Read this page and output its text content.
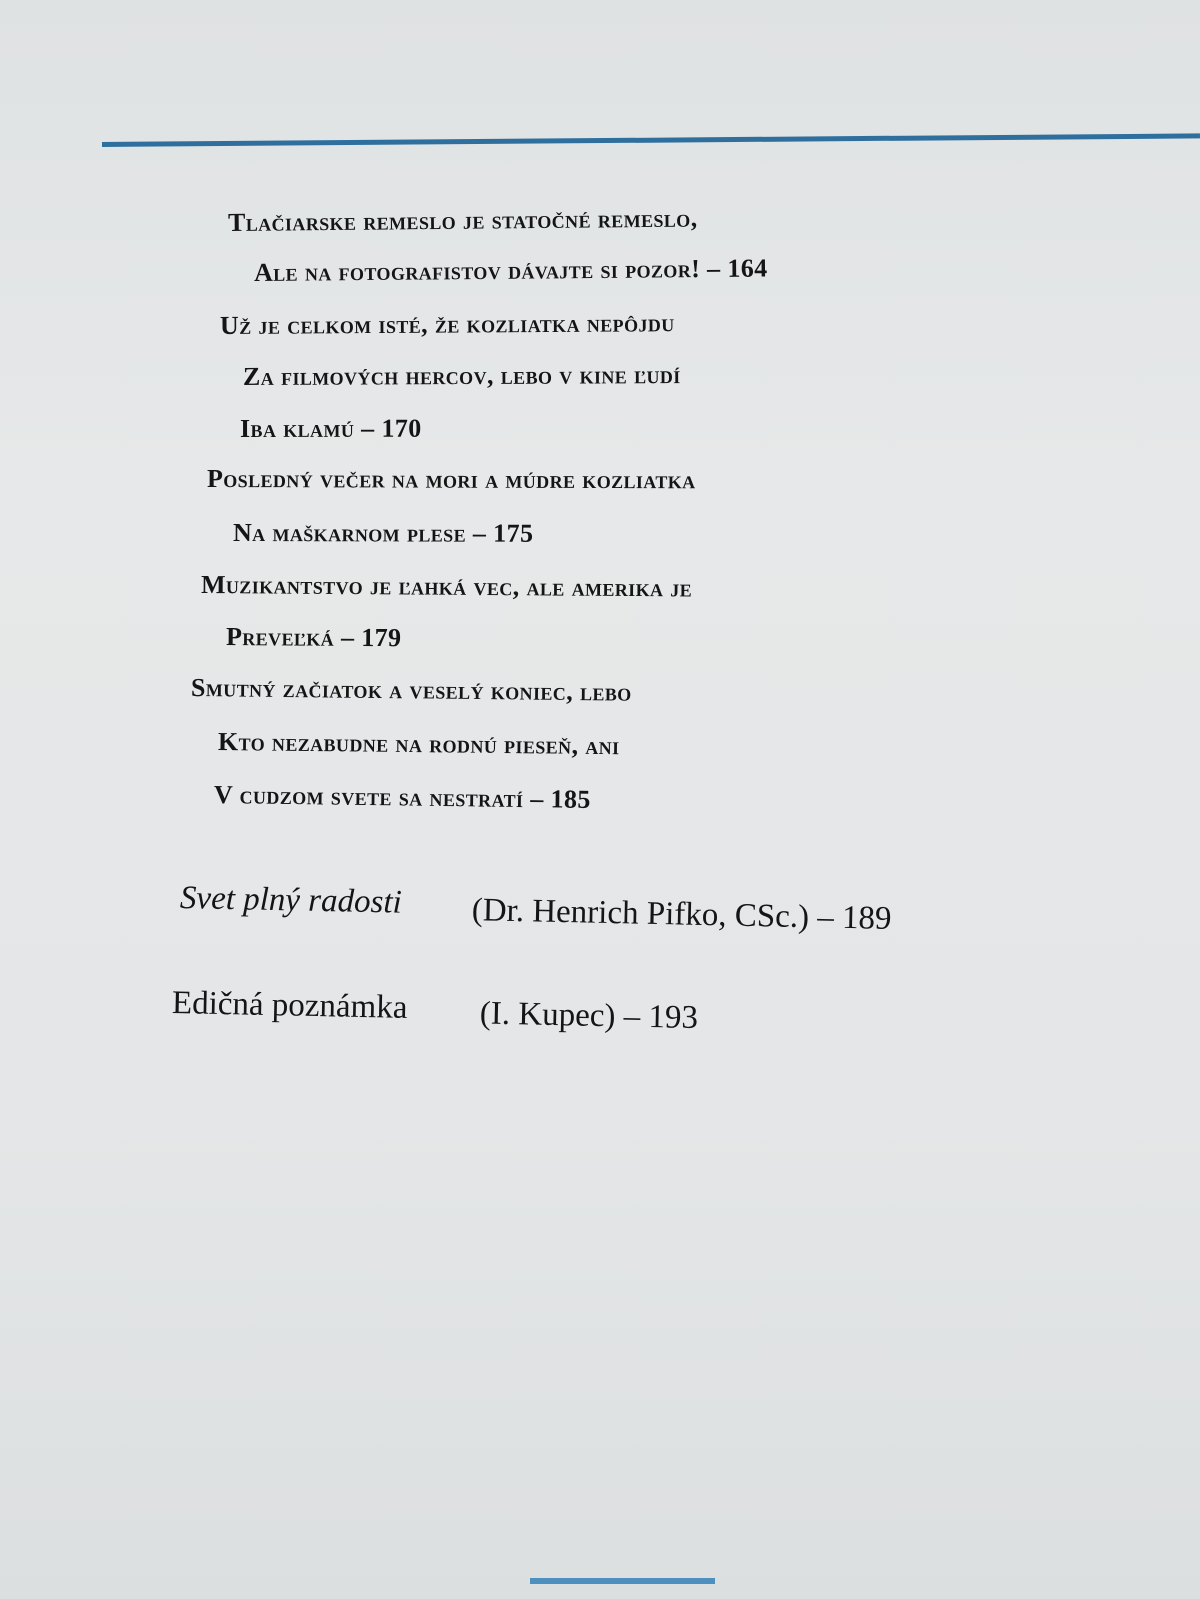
Tlačiarske remeslo je statočné remeslo,
Ale na fotografistov dávajte si pozor! – 164
Už je celkom isté, že kozliatka nepôjdu
Za filmových hercov, lebo v kine ľudí
Iba klamú – 170
Posledný večer na mori a múdre kozliatka
Na maškarnom plese – 175
Muzikantstvo je ľahká vec, ale amerika je
Preveľká – 179
Smutný začiatok a veselý koniec, lebo
Kto nezabudne na rodnú pieseň, ani
V cudzom svete sa nestratí – 185
Svet plný radosti (Dr. Henrich Pifko, CSc.) – 189
Edičná poznámka (I. Kupec) – 193
